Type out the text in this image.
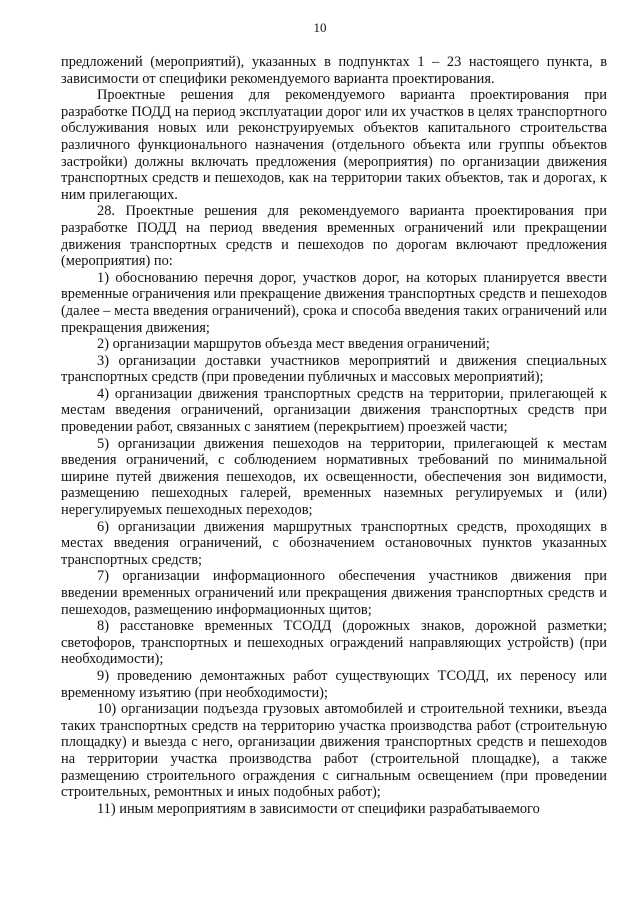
10

предложений (мероприятий), указанных в подпунктах 1 – 23 настоящего пункта, в зависимости от специфики рекомендуемого варианта проектирования.

Проектные решения для рекомендуемого варианта проектирования при разработке ПОДД на период эксплуатации дорог или их участков в целях транспортного обслуживания новых или реконструируемых объектов капитального строительства различного функционального назначения (отдельного объекта или группы объектов застройки) должны включать предложения (мероприятия) по организации движения транспортных средств и пешеходов, как на территории таких объектов, так и дорогах, к ним прилегающих.

28. Проектные решения для рекомендуемого варианта проектирования при разработке ПОДД на период введения временных ограничений или прекращении движения транспортных средств и пешеходов по дорогам включают предложения (мероприятия) по:

1) обоснованию перечня дорог, участков дорог, на которых планируется ввести временные ограничения или прекращение движения транспортных средств и пешеходов (далее – места введения ограничений), срока и способа введения таких ограничений или прекращения движения;

2) организации маршрутов объезда мест введения ограничений;

3) организации доставки участников мероприятий и движения специальных транспортных средств (при проведении публичных и массовых мероприятий);

4) организации движения транспортных средств на территории, прилегающей к местам введения ограничений, организации движения транспортных средств при проведении работ, связанных с занятием (перекрытием) проезжей части;

5) организации движения пешеходов на территории, прилегающей к местам введения ограничений, с соблюдением нормативных требований по минимальной ширине путей движения пешеходов, их освещенности, обеспечения зон видимости, размещению пешеходных галерей, временных наземных регулируемых и (или) нерегулируемых пешеходных переходов;

6) организации движения маршрутных транспортных средств, проходящих в местах введения ограничений, с обозначением остановочных пунктов указанных транспортных средств;

7) организации информационного обеспечения участников движения при введении временных ограничений или прекращения движения транспортных средств и пешеходов, размещению информационных щитов;

8) расстановке временных ТСОДД (дорожных знаков, дорожной разметки; светофоров, транспортных и пешеходных ограждений направляющих устройств) (при необходимости);

9) проведению демонтажных работ существующих ТСОДД, их переносу или временному изъятию (при необходимости);

10) организации подъезда грузовых автомобилей и строительной техники, въезда таких транспортных средств на территорию участка производства работ (строительную площадку) и выезда с него, организации движения транспортных средств и пешеходов на территории участка производства работ (строительной площадке), а также размещению строительного ограждения с сигнальным освещением (при проведении строительных, ремонтных и иных подобных работ);

11) иным мероприятиям в зависимости от специфики разрабатываемого
